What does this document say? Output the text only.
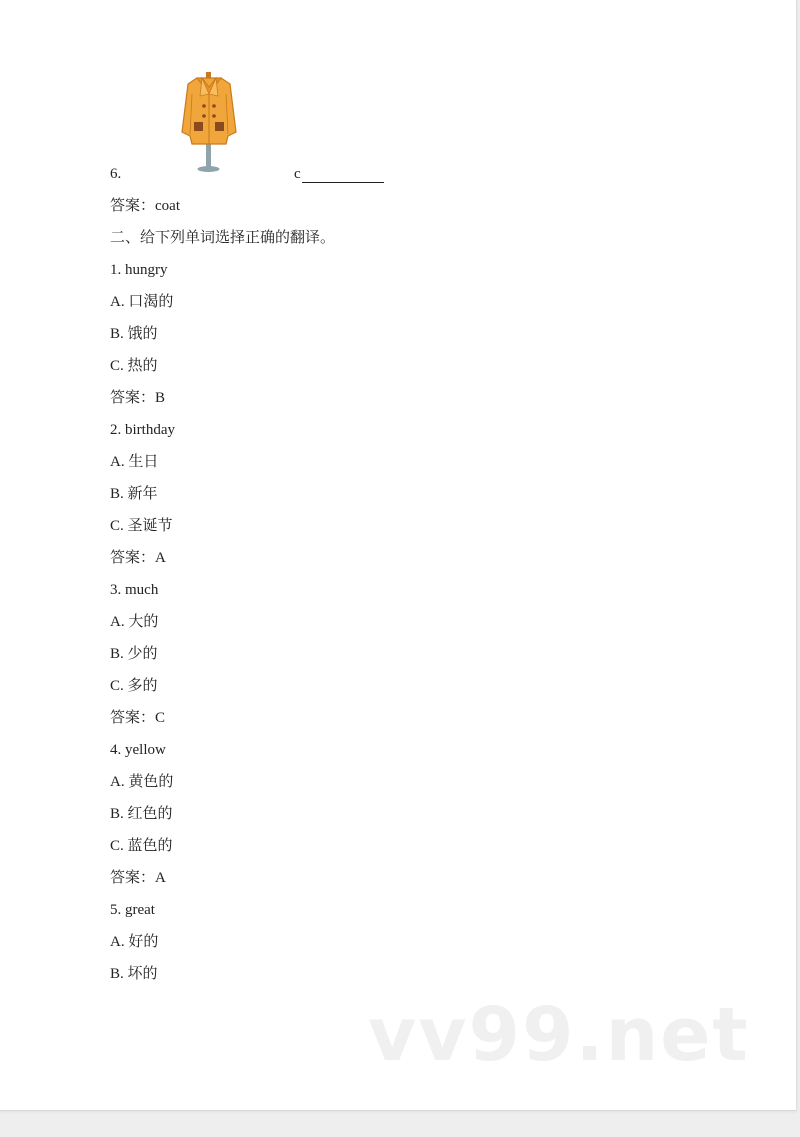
6.	c
答案：coat
二、给下列单词选择正确的翻译。
1. hungry
A. 口渴的
B. 饿的
C. 热的
答案：B
2. birthday
A. 生日
B. 新年
C. 圣诞节
答案：A
3. much
A. 大的
B. 少的
C. 多的
答案：C
4. yellow
A. 黄色的
B. 红色的
C. 蓝色的
答案：A
5. great
A. 好的
B. 坏的
vv99.net
